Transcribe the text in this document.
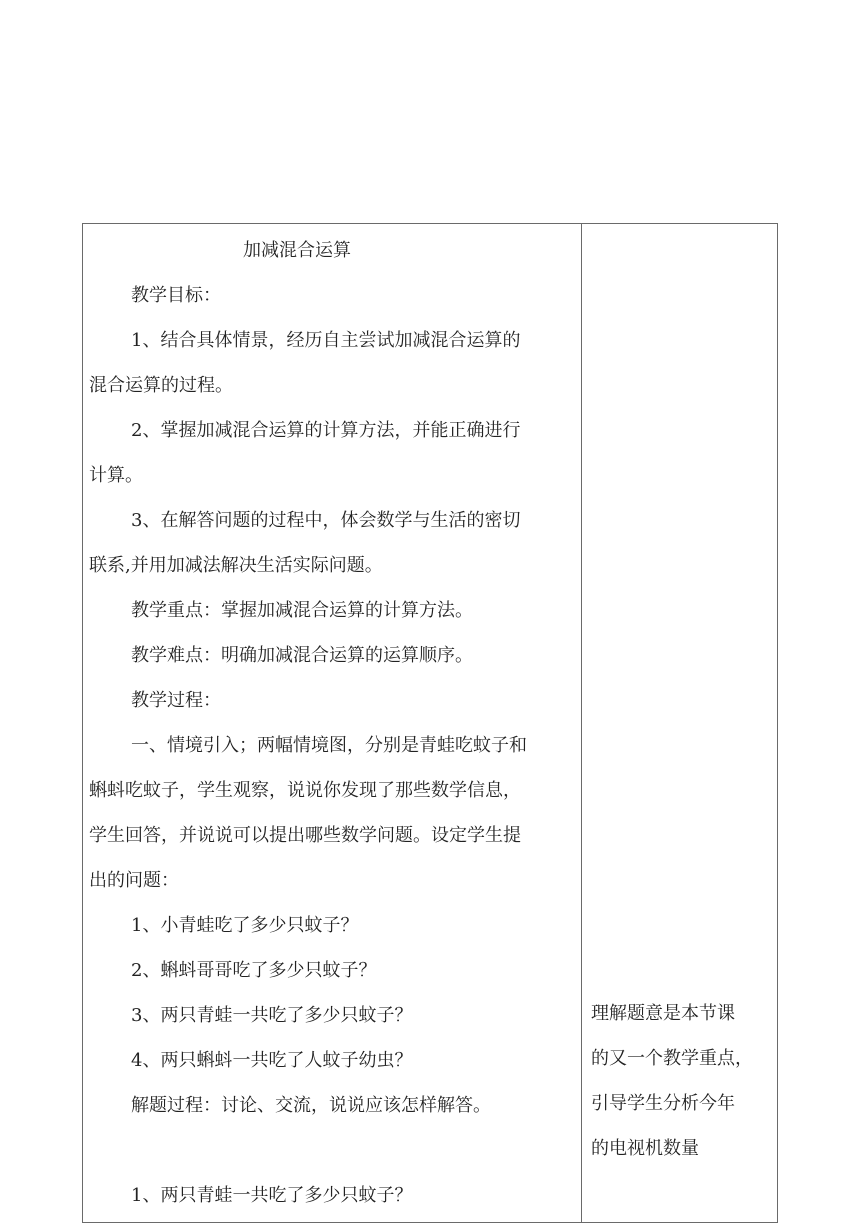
加减混合运算
教学目标：
1、结合具体情景，经历自主尝试加减混合运算的
混合运算的过程。
2、掌握加减混合运算的计算方法，并能正确进行
计算。
3、在解答问题的过程中，体会数学与生活的密切
联系,并用加减法解决生活实际问题。
教学重点：掌握加减混合运算的计算方法。
教学难点：明确加减混合运算的运算顺序。
教学过程：
一、情境引入；两幅情境图，分别是青蛙吃蚊子和
蝌蚪吃蚊子，学生观察，说说你发现了那些数学信息，
学生回答，并说说可以提出哪些数学问题。设定学生提
出的问题：
1、小青蛙吃了多少只蚊子？
2、蝌蚪哥哥吃了多少只蚊子？
3、两只青蛙一共吃了多少只蚊子？
4、两只蝌蚪一共吃了人蚊子幼虫？
解题过程：讨论、交流，说说应该怎样解答。
1、两只青蛙一共吃了多少只蚊子？
理解题意是本节课
的又一个教学重点，
引导学生分析今年
的电视机数量
